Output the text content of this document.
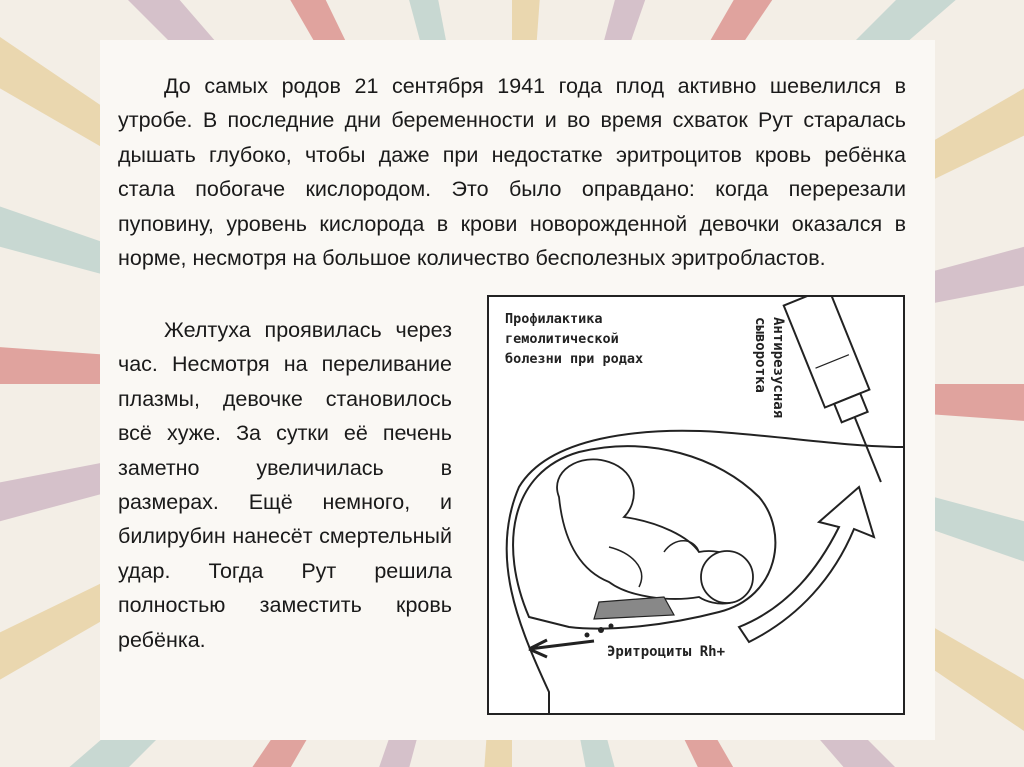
До самых родов 21 сентября 1941 года плод активно шевелился в утробе. В последние дни беременности и во время схваток Рут старалась дышать глубоко, чтобы даже при недостатке эритроцитов кровь ребёнка стала побогаче кислородом. Это было оправдано: когда перерезали пуповину, уровень кислорода в крови новорожденной девочки оказался в норме, несмотря на большое количество бесполезных эритробластов.

Желтуха проявилась через час. Несмотря на переливание плазмы, девочке становилось всё хуже. За сутки её печень заметно увеличилась в размерах. Ещё немного, и билирубин нанесёт смертельный удар. Тогда Рут решила полностью заместить кровь ребёнка.

Профилактика
гемолитической
болезни при родах	Антирезусная
сыворотка
Эритроциты Rh+
